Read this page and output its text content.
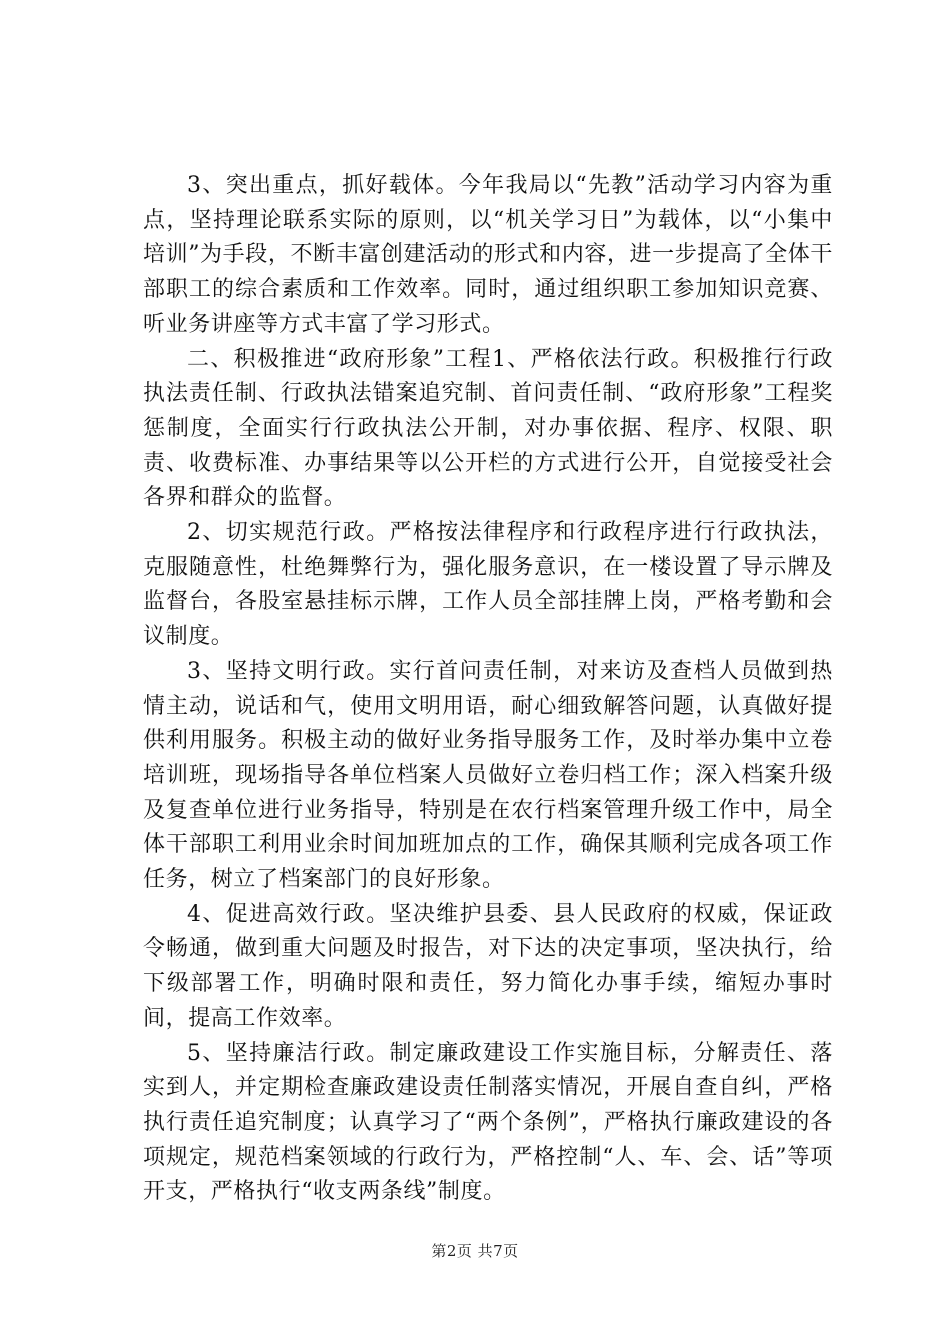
3、突出重点，抓好载体。今年我局以“先教”活动学习内容为重点，坚持理论联系实际的原则，以“机关学习日”为载体，以“小集中培训”为手段，不断丰富创建活动的形式和内容，进一步提高了全体干部职工的综合素质和工作效率。同时，通过组织职工参加知识竞赛、听业务讲座等方式丰富了学习形式。

二、积极推进“政府形象”工程1、严格依法行政。积极推行行政执法责任制、行政执法错案追究制、首问责任制、“政府形象”工程奖惩制度，全面实行行政执法公开制，对办事依据、程序、权限、职责、收费标准、办事结果等以公开栏的方式进行公开，自觉接受社会各界和群众的监督。

2、切实规范行政。严格按法律程序和行政程序进行行政执法，克服随意性，杜绝舞弊行为，强化服务意识，在一楼设置了导示牌及监督台，各股室悬挂标示牌，工作人员全部挂牌上岗，严格考勤和会议制度。

3、坚持文明行政。实行首问责任制，对来访及查档人员做到热情主动，说话和气，使用文明用语，耐心细致解答问题，认真做好提供利用服务。积极主动的做好业务指导服务工作，及时举办集中立卷培训班，现场指导各单位档案人员做好立卷归档工作；深入档案升级及复查单位进行业务指导，特别是在农行档案管理升级工作中，局全体干部职工利用业余时间加班加点的工作，确保其顺利完成各项工作任务，树立了档案部门的良好形象。

4、促进高效行政。坚决维护县委、县人民政府的权威，保证政令畅通，做到重大问题及时报告，对下达的决定事项，坚决执行，给下级部署工作，明确时限和责任，努力简化办事手续，缩短办事时间，提高工作效率。

5、坚持廉洁行政。制定廉政建设工作实施目标，分解责任、落实到人，并定期检查廉政建设责任制落实情况，开展自查自纠，严格执行责任追究制度；认真学习了“两个条例”，严格执行廉政建设的各项规定，规范档案领域的行政行为，严格控制“人、车、会、话”等项开支，严格执行“收支两条线”制度。

第2页 共7页
